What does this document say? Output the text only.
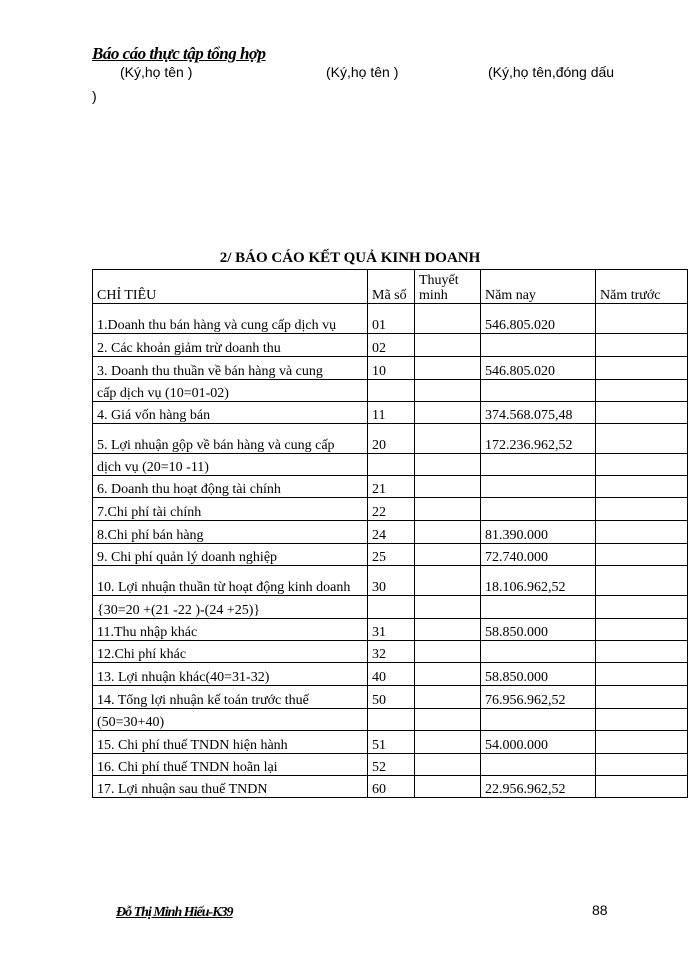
Báo cáo thực tập tổng hợp
(Ký,họ tên )	(Ký,họ tên )	(Ký,họ tên,đóng dấu
)
2/ BÁO CÁO KẾT QUẢ KINH DOANH
CHỈ TIÊU	Mã số	Thuyết minh	Năm nay	Năm trước
1.Doanh thu bán hàng và cung cấp dịch vụ	01		546.805.020	
2. Các khoản giảm trừ doanh thu	02			
3. Doanh thu thuần về bán hàng và cung	10		546.805.020	
cấp dịch vụ (10=01-02)				
4. Giá vốn hàng bán	11		374.568.075,48	
5. Lợi nhuận gộp về bán hàng và cung cấp	20		172.236.962,52	
dịch vụ (20=10 -11)				
6. Doanh thu hoạt động tài chính	21			
7.Chi phí tài chính	22			
8.Chi phí bán hàng	24		81.390.000	
9. Chi phí quản lý doanh nghiệp	25		72.740.000	
10. Lợi nhuận thuần từ hoạt động kinh doanh	30		18.106.962,52	
{30=20 +(21 -22 )-(24 +25)}				
11.Thu nhập khác	31		58.850.000	
12.Chi phí khác	32			
13. Lợi nhuận khác(40=31-32)	40		58.850.000	
14. Tổng lợi nhuận kế toán trước thuế	50		76.956.962,52	
(50=30+40)				
15. Chi phí thuế TNDN hiện hành	51		54.000.000	
16. Chi phí thuế TNDN hoãn lại	52			
17. Lợi nhuận sau thuế TNDN	60		22.956.962,52	
Đỗ Thị Minh Hiếu-K39	88
